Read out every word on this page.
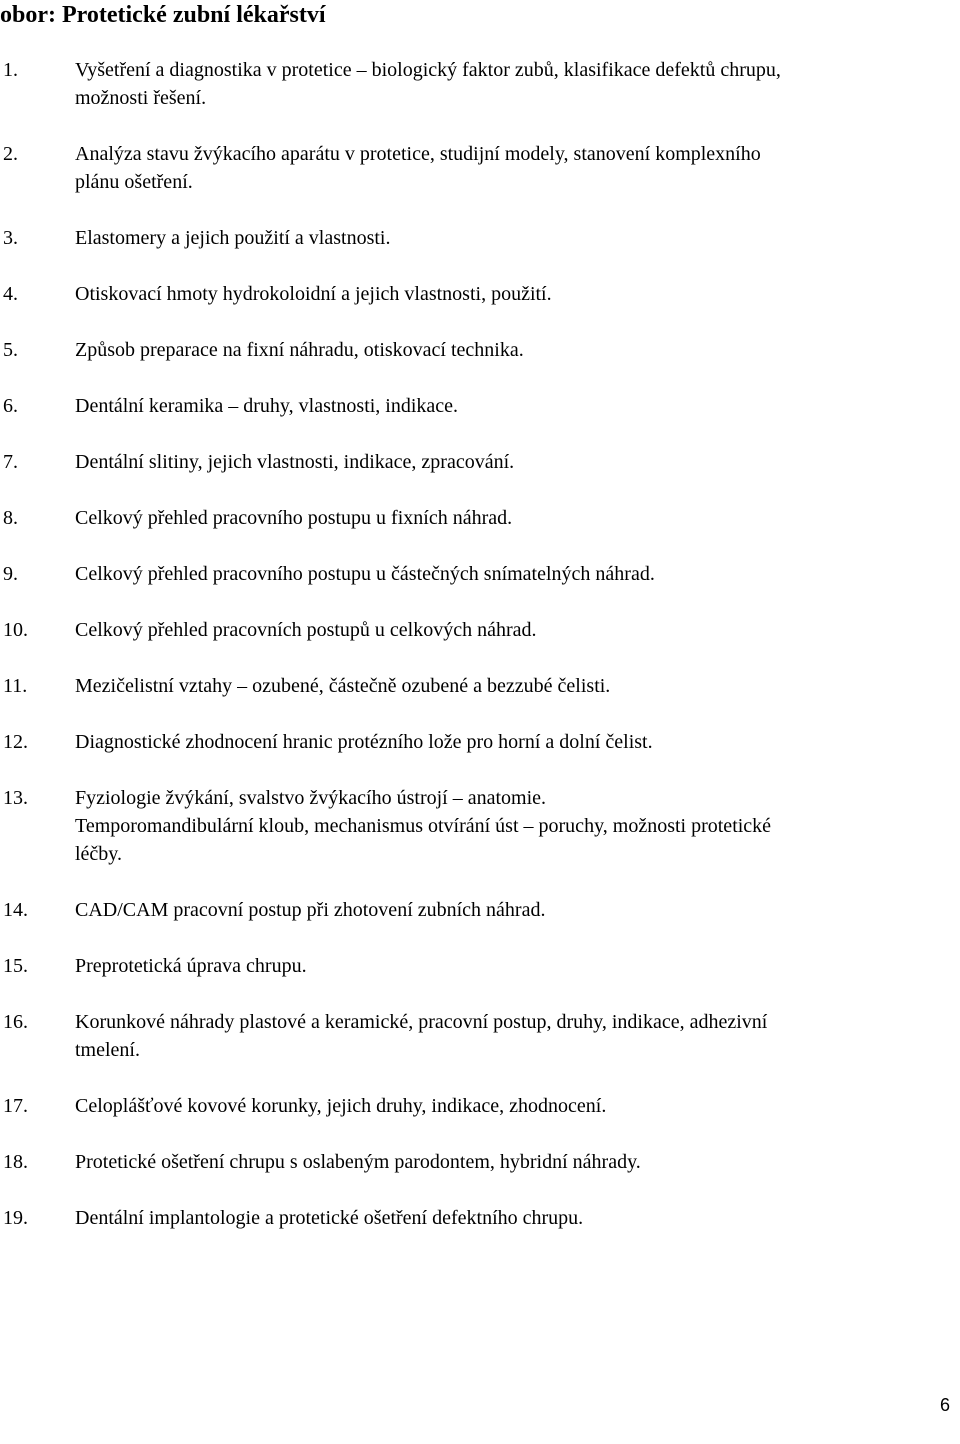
obor: Protetické zubní lékařství
1.	Vyšetření a diagnostika v protetice – biologický faktor zubů, klasifikace defektů chrupu,
možnosti řešení.
2.	Analýza stavu žvýkacího aparátu v protetice, studijní modely, stanovení komplexního
plánu ošetření.
3.	Elastomery a jejich použití a vlastnosti.
4.	Otiskovací hmoty hydrokoloidní a jejich vlastnosti, použití.
5.	Způsob preparace na fixní náhradu, otiskovací technika.
6.	Dentální keramika – druhy, vlastnosti, indikace.
7.	Dentální slitiny, jejich vlastnosti, indikace, zpracování.
8.	Celkový přehled pracovního postupu u fixních náhrad.
9.	Celkový přehled pracovního postupu u částečných snímatelných náhrad.
10.	Celkový přehled pracovních postupů u celkových náhrad.
11.	Mezičelistní vztahy – ozubené, částečně ozubené a bezzubé čelisti.
12.	Diagnostické zhodnocení hranic protézního lože pro horní a dolní čelist.
13.	Fyziologie žvýkání, svalstvo žvýkacího ústrojí – anatomie.
Temporomandibulární kloub, mechanismus otvírání úst – poruchy, možnosti protetické
léčby.
14.	CAD/CAM pracovní postup při zhotovení zubních náhrad.
15.	Preprotetická úprava chrupu.
16.	Korunkové náhrady plastové a keramické, pracovní postup, druhy, indikace, adhezivní
tmelení.
17.	Celoplášťové kovové korunky, jejich druhy, indikace, zhodnocení.
18.	Protetické ošetření chrupu s oslabeným parodontem, hybridní náhrady.
19.	Dentální implantologie a protetické ošetření defektního chrupu.
6
